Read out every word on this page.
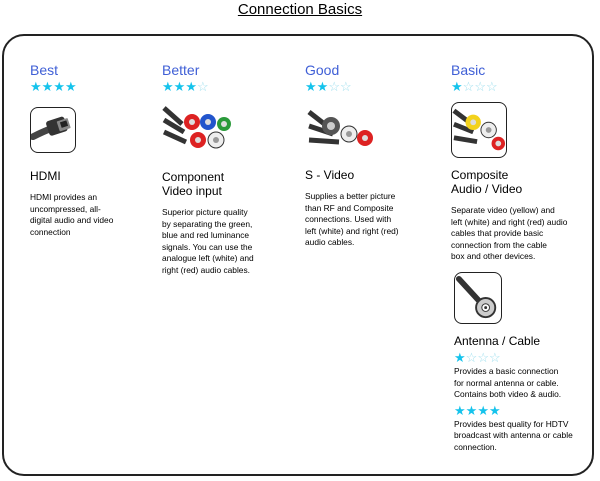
Connection Basics
Best
★★★★
HDMI
HDMI provides an
uncompressed, all-
digital audio and video
connection
Better
★★★☆
Component
Video input
Superior picture quality
by separating the green,
blue and red luminance
signals. You can use the
analogue left (white) and
right (red) audio cables.
Good
★★☆☆
S - Video
Supplies a better picture
than RF and Composite
connections. Used with
left (white) and right (red)
audio cables.
Basic
★☆☆☆
Composite
Audio / Video
Separate video (yellow) and
left (white) and right (red) audio
cables that provide basic
connection from the cable
box and other devices.
Antenna / Cable
★☆☆☆
Provides a basic connection
for normal antenna or cable.
Contains both video & audio.
★★★★
Provides best quality for HDTV
broadcast with antenna or cable
connection.
